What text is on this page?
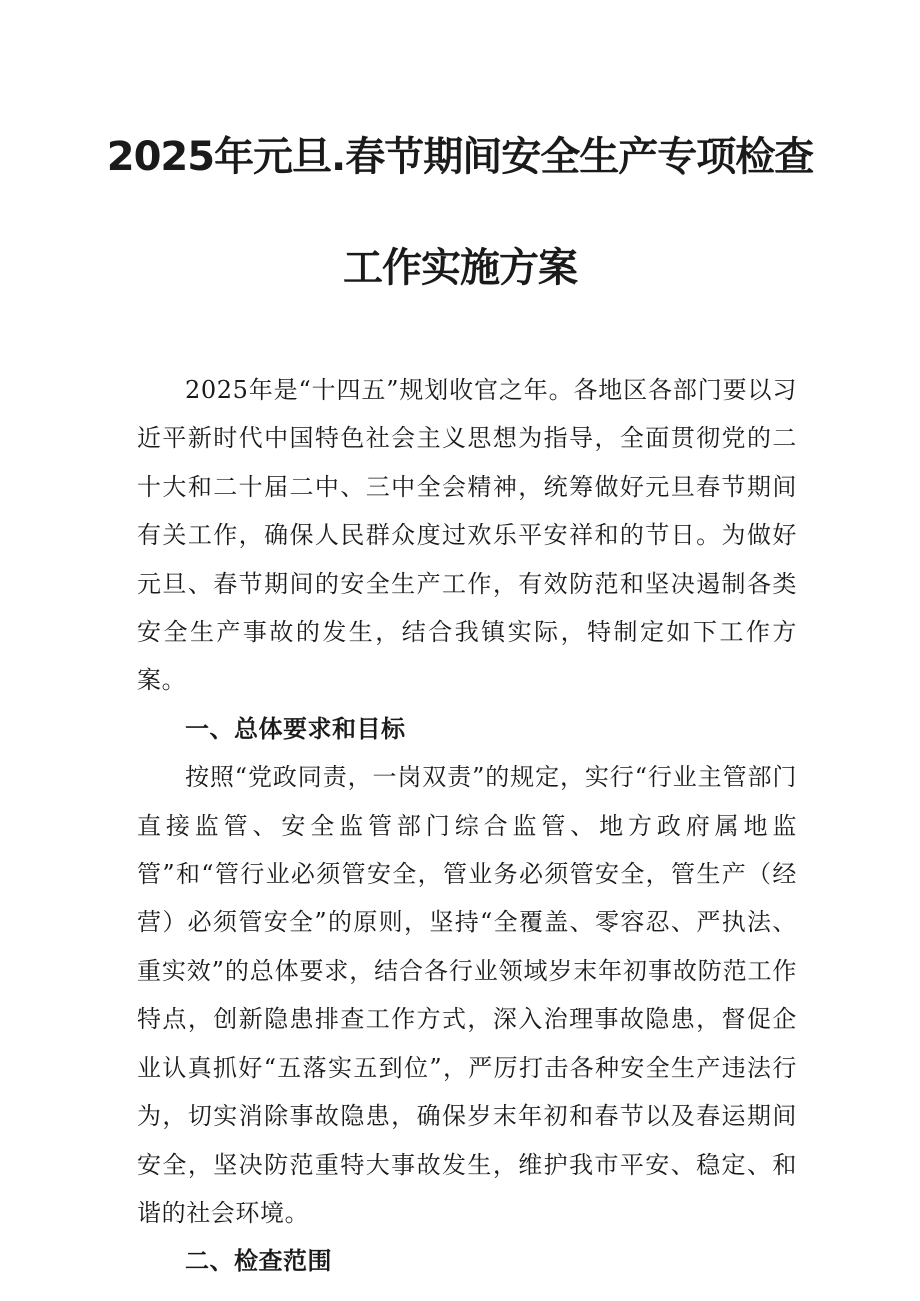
2025年元旦.春节期间安全生产专项检查
工作实施方案

2025年是“十四五”规划收官之年。各地区各部门要以习近平新时代中国特色社会主义思想为指导，全面贯彻党的二十大和二十届二中、三中全会精神，统筹做好元旦春节期间有关工作，确保人民群众度过欢乐平安祥和的节日。为做好元旦、春节期间的安全生产工作，有效防范和坚决遏制各类安全生产事故的发生，结合我镇实际，特制定如下工作方案。

一、总体要求和目标

按照“党政同责，一岗双责”的规定，实行“行业主管部门直接监管、安全监管部门综合监管、地方政府属地监管”和“管行业必须管安全，管业务必须管安全，管生产（经营）必须管安全”的原则，坚持“全覆盖、零容忍、严执法、重实效”的总体要求，结合各行业领域岁末年初事故防范工作特点，创新隐患排查工作方式，深入治理事故隐患，督促企业认真抓好“五落实五到位”，严厉打击各种安全生产违法行为，切实消除事故隐患，确保岁末年初和春节以及春运期间安全，坚决防范重特大事故发生，维护我市平安、稳定、和谐的社会环境。

二、检查范围
